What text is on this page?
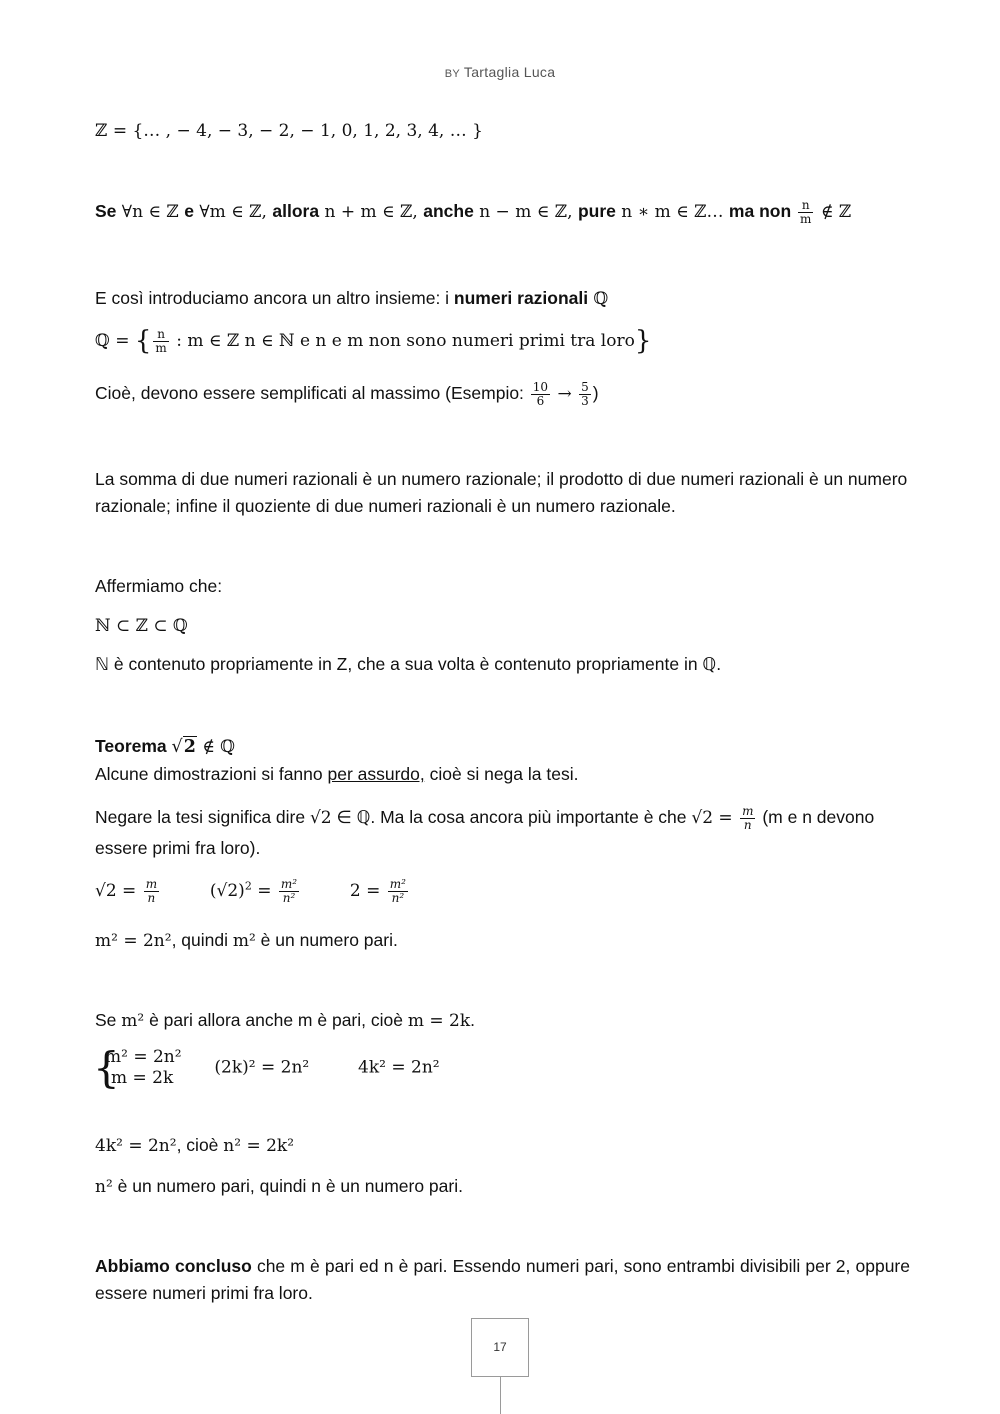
BY Tartaglia Luca
ℤ = {… , − 4, − 3, − 2, − 1, 0, 1, 2, 3, 4, … }
Se ∀n ∈ ℤ e ∀m ∈ ℤ, allora n + m ∈ ℤ, anche n − m ∈ ℤ, pure n ∗ m ∈ ℤ… ma non $\frac{n}{m}$ ∉ ℤ
E così introduciamo ancora un altro insieme: i numeri razionali ℚ
ℚ = { $\frac{n}{m}$ : m ∈ ℤ n ∈ ℕ e n e m non sono numeri primi tra loro}
Cioè, devono essere semplificati al massimo (Esempio: $\frac{10}{6} \to \frac{5}{3}$ )
La somma di due numeri razionali è un numero razionale; il prodotto di due numeri razionali è un numero razionale; infine il quoziente di due numeri razionali è un numero razionale.
Affermiamo che:
ℕ ⊂ ℤ ⊂ ℚ
ℕ è contenuto propriamente in Z, che a sua volta è contenuto propriamente in ℚ.
Teorema √2 ∉ ℚ
Alcune dimostrazioni si fanno per assurdo, cioè si nega la tesi.
Negare la tesi significa dire √2 ∈ ℚ. Ma la cosa ancora più importante è che $√2 = \frac{m}{n} (m$ e n devono essere primi fra loro).
$√2 = \frac{m}{n}$	$(√2)^2 = \frac{\text{m²}}{\text{n²}}$	$2 = \frac{\text{m²}}{\text{n²}}$
m² = 2n², quindi m² è un numero pari.
Se m² è pari allora anche m è pari, cioè m = 2k.
{
m² = 2n²
m = 2k
(2k)² = 2n²	4k² = 2n²
4k² = 2n², cioè n² = 2k²
n² è un numero pari, quindi n è un numero pari.
Abbiamo concluso che m è pari ed n è pari. Essendo numeri pari, sono entrambi divisibili per 2, oppure essere numeri primi fra loro.
17
